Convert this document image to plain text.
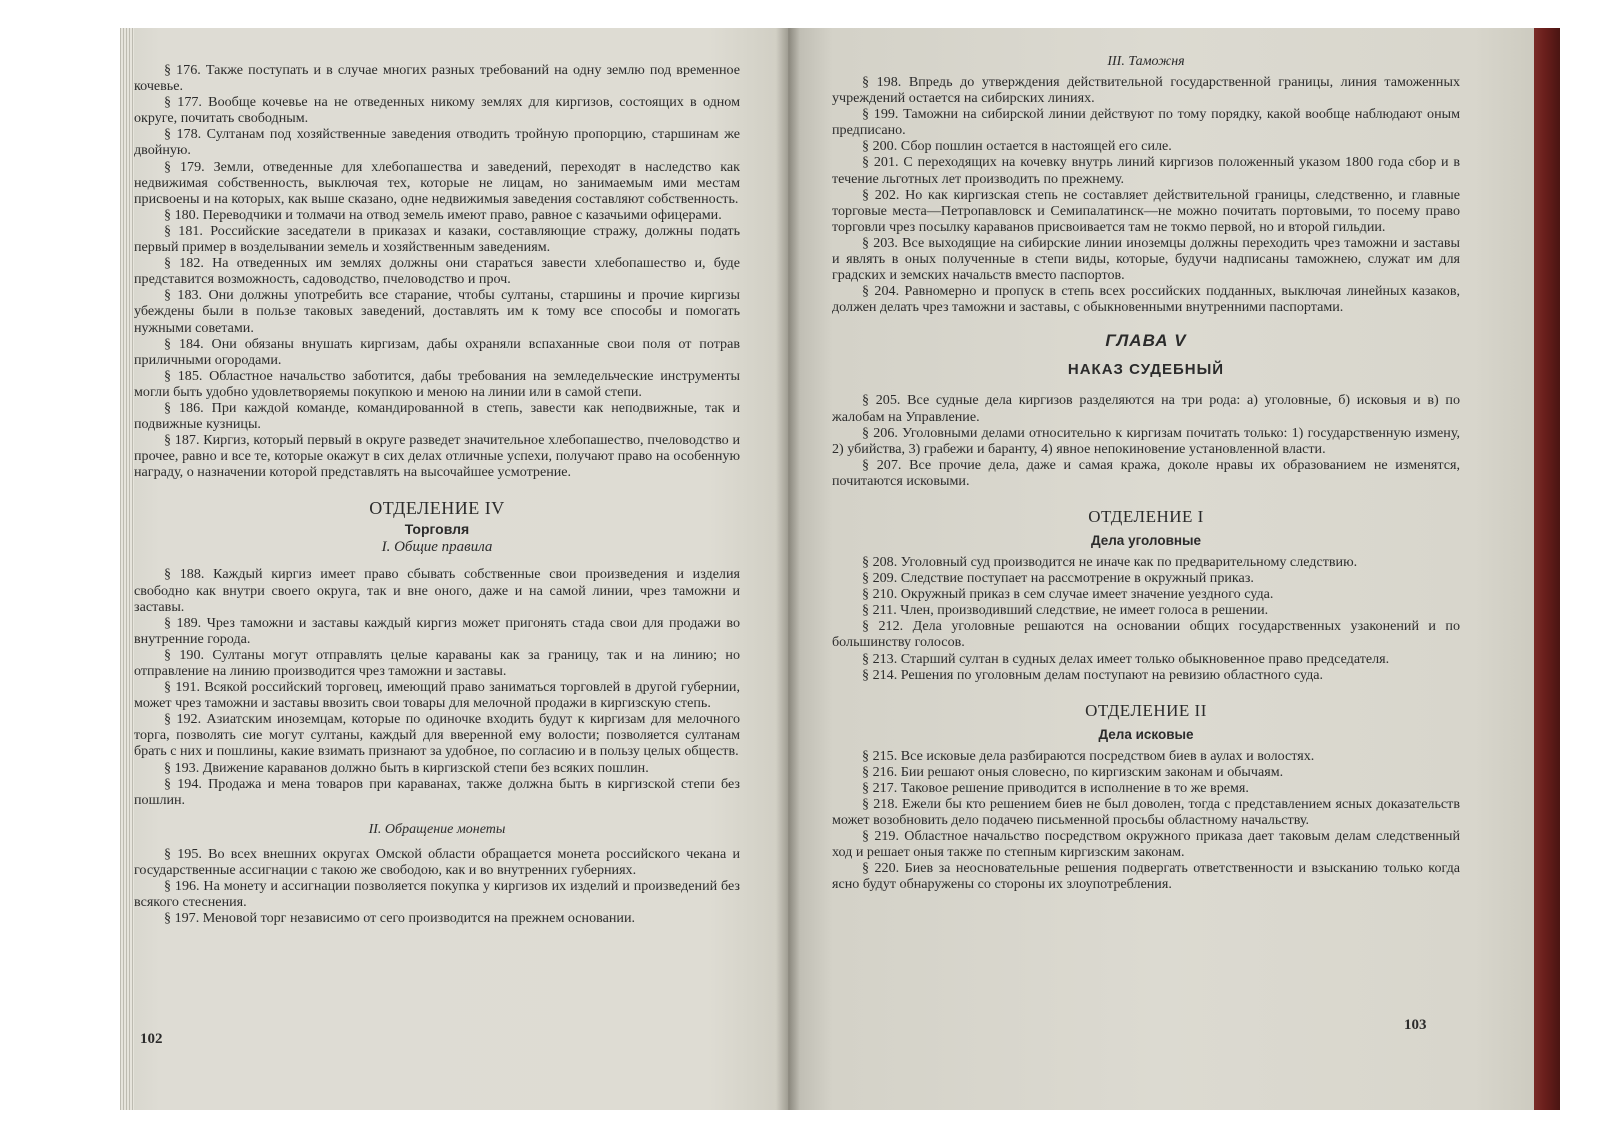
§ 176. Также поступать и в случае многих разных требований на одну землю под временное кочевье.

§ 177. Вообще кочевье на не отведенных никому землях для киргизов, состоящих в одном округе, почитать свободным.

§ 178. Султанам под хозяйственные заведения отводить тройную пропорцию, старшинам же двойную.

§ 179. Земли, отведенные для хлебопашества и заведений, переходят в наследство как недвижимая собственность, выключая тех, которые не лицам, но занимаемым ими местам присвоены и на которых, как выше сказано, одне недвижимыя заведения составляют собственность.

§ 180. Переводчики и толмачи на отвод земель имеют право, равное с казачьими офицерами.

§ 181. Российские заседатели в приказах и казаки, составляющие стражу, должны подать первый пример в возделывании земель и хозяйственным заведениям.

§ 182. На отведенных им землях должны они стараться завести хлебопашество и, буде представится возможность, садоводство, пчеловодство и проч.

§ 183. Они должны употребить все старание, чтобы султаны, старшины и прочие киргизы убеждены были в пользе таковых заведений, доставлять им к тому все способы и помогать нужными советами.

§ 184. Они обязаны внушать киргизам, дабы охраняли вспаханные свои поля от потрав приличными огородами.

§ 185. Областное начальство заботится, дабы требования на земледельческие инструменты могли быть удобно удовлетворяемы покупкою и меною на линии или в самой степи.

§ 186. При каждой команде, командированной в степь, завести как неподвижные, так и подвижные кузницы.

§ 187. Киргиз, который первый в округе разведет значительное хлебопашество, пчеловодство и прочее, равно и все те, которые окажут в сих делах отличные успехи, получают право на особенную награду, о назначении которой представлять на высочайшее усмотрение.

ОТДЕЛЕНИЕ IV

Торговля

I. Общие правила

§ 188. Каждый киргиз имеет право сбывать собственные свои произведения и изделия свободно как внутри своего округа, так и вне оного, даже и на самой линии, чрез таможни и заставы.

§ 189. Чрез таможни и заставы каждый киргиз может пригонять стада свои для продажи во внутренние города.

§ 190. Султаны могут отправлять целые караваны как за границу, так и на линию; но отправление на линию производится чрез таможни и заставы.

§ 191. Всякой российский торговец, имеющий право заниматься торговлей в другой губернии, может чрез таможни и заставы ввозить свои товары для мелочной продажи в киргизскую степь.

§ 192. Азиатским иноземцам, которые по одиночке входить будут к киргизам для мелочного торга, позволять сие могут султаны, каждый для вверенной ему волости; позволяется султанам брать с них и пошлины, какие взимать признают за удобное, по согласию и в пользу целых обществ.

§ 193. Движение караванов должно быть в киргизской степи без всяких пошлин.

§ 194. Продажа и мена товаров при караванах, также должна быть в киргизской степи без пошлин.

II. Обращение монеты

§ 195. Во всех внешних округах Омской области обращается монета российского чекана и государственные ассигнации с такою же свободою, как и во внутренних губерниях.

§ 196. На монету и ассигнации позволяется покупка у киргизов их изделий и произведений без всякого стеснения.

§ 197. Меновой торг независимо от сего производится на прежнем основании.

III. Таможня

§ 198. Впредь до утверждения действительной государственной границы, линия таможенных учреждений остается на сибирских линиях.

§ 199. Таможни на сибирской линии действуют по тому порядку, какой вообще наблюдают оным предписано.

§ 200. Сбор пошлин остается в настоящей его силе.

§ 201. С переходящих на кочевку внутрь линий киргизов положенный указом 1800 года сбор и в течение льготных лет производить по прежнему.

§ 202. Но как киргизская степь не составляет действительной границы, следственно, и главные торговые места—Петропавловск и Семипалатинск—не можно почитать портовыми, то посему право торговли чрез посылку караванов присвоивается там не токмо первой, но и второй гильдии.

§ 203. Все выходящие на сибирские линии иноземцы должны переходить чрез таможни и заставы и являть в оных полученные в степи виды, которые, будучи надписаны таможнею, служат им для градских и земских начальств вместо паспортов.

§ 204. Равномерно и пропуск в степь всех российских подданных, выключая линейных казаков, должен делать чрез таможни и заставы, с обыкновенными внутренними паспортами.

ГЛАВА V

НАКАЗ СУДЕБНЫЙ

§ 205. Все судные дела киргизов разделяются на три рода: а) уголовные, б) исковыя и в) по жалобам на Управление.

§ 206. Уголовными делами относительно к киргизам почитать только: 1) государственную измену, 2) убийства, 3) грабежи и баранту, 4) явное непокиновение установленной власти.

§ 207. Все прочие дела, даже и самая кража, доколе нравы их образованием не изменятся, почитаются исковыми.

ОТДЕЛЕНИЕ I

Дела уголовные

§ 208. Уголовный суд производится не иначе как по предварительному следствию.

§ 209. Следствие поступает на рассмотрение в окружный приказ.

§ 210. Окружный приказ в сем случае имеет значение уездного суда.

§ 211. Член, производивший следствие, не имеет голоса в решении.

§ 212. Дела уголовные решаются на основании общих государственных узаконений и по большинству голосов.

§ 213. Старший султан в судных делах имеет только обыкновенное право председателя.

§ 214. Решения по уголовным делам поступают на ревизию областного суда.

ОТДЕЛЕНИЕ II

Дела исковые

§ 215. Все исковые дела разбираются посредством биев в аулах и волостях.

§ 216. Бии решают оныя словесно, по киргизским законам и обычаям.

§ 217. Таковое решение приводится в исполнение в то же время.

§ 218. Ежели бы кто решением биев не был доволен, тогда с представлением ясных доказательств может возобновить дело подачею письменной просьбы областному начальству.

§ 219. Областное начальство посредством окружного приказа дает таковым делам следственный ход и решает оныя также по степным киргизским законам.

§ 220. Биев за неосновательные решения подвергать ответственности и взысканию только когда ясно будут обнаружены со стороны их злоупотребления.

102
103
